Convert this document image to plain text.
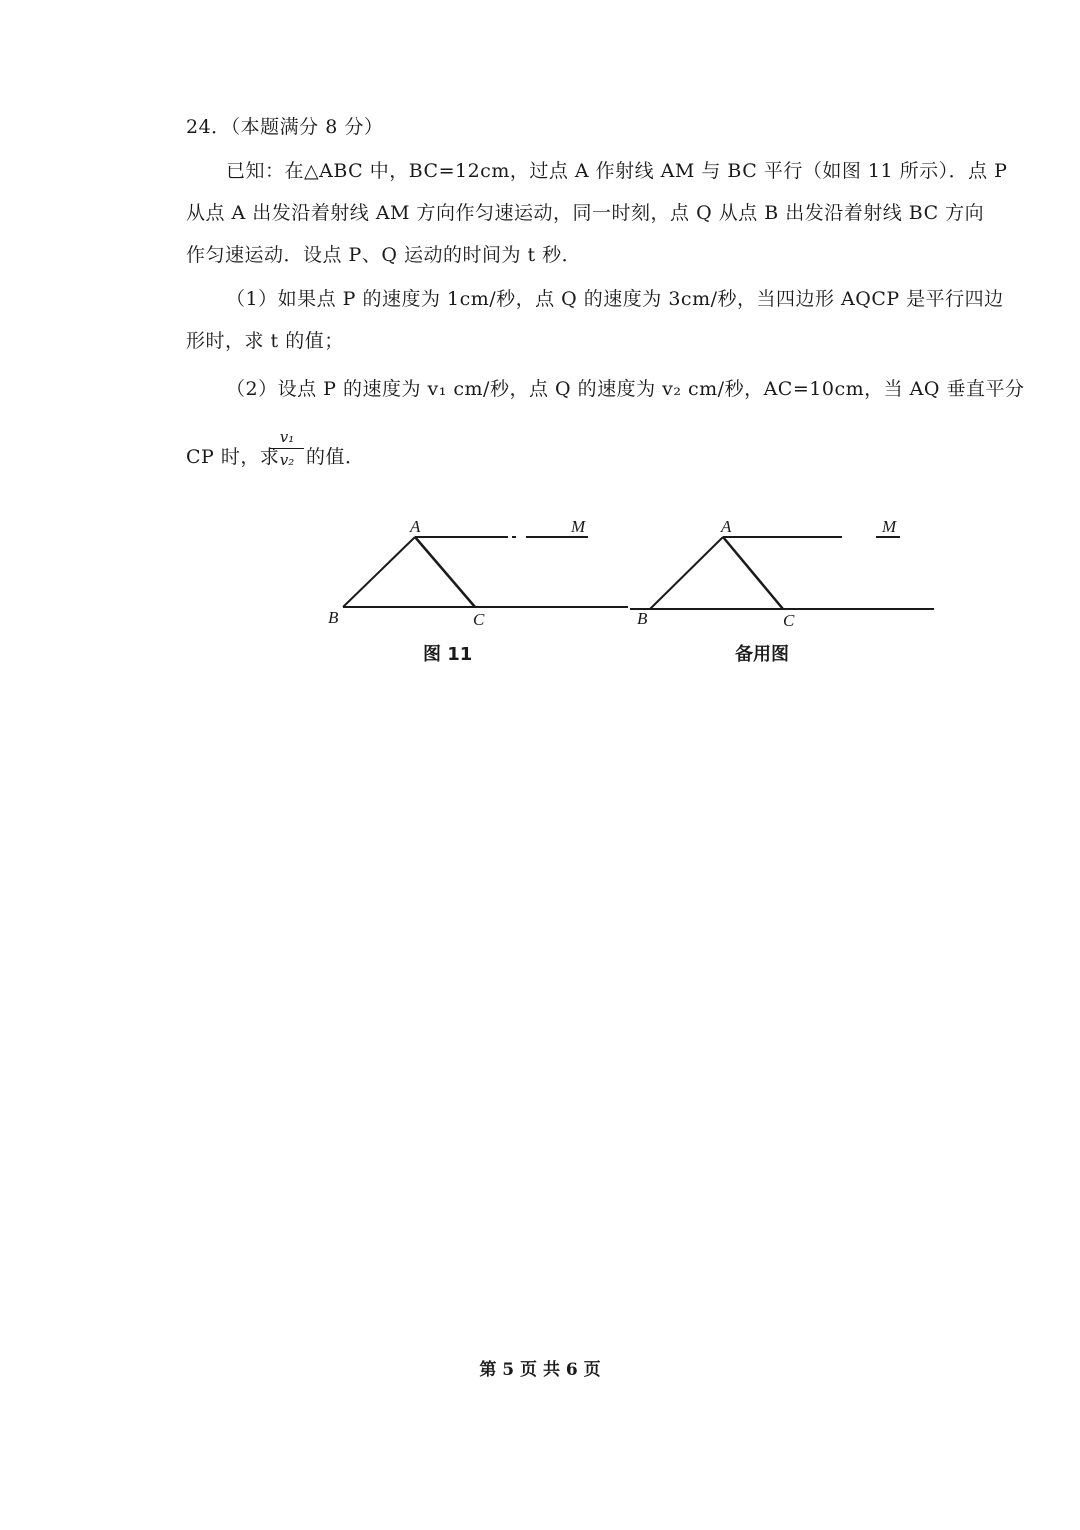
24．（本题满分 8 分）
已知：在△ABC 中，BC=12cm，过点 A 作射线 AM 与 BC 平行（如图 11 所示）．点 P
从点 A 出发沿着射线 AM 方向作匀速运动，同一时刻，点 Q 从点 B 出发沿着射线 BC 方向
作匀速运动．设点 P、Q 运动的时间为 t 秒．
（1）如果点 P 的速度为 1cm/秒，点 Q 的速度为 3cm/秒，当四边形 AQCP 是平行四边
形时，求 t 的值；
（2）设点 P 的速度为 v₁ cm/秒，点 Q 的速度为 v₂ cm/秒，AC=10cm，当 AQ 垂直平分
CP 时，求
v₁
v₂ 的值．
A	M
B	C
图 11
A	M
B	C
备用图
第 5 页 共 6 页
